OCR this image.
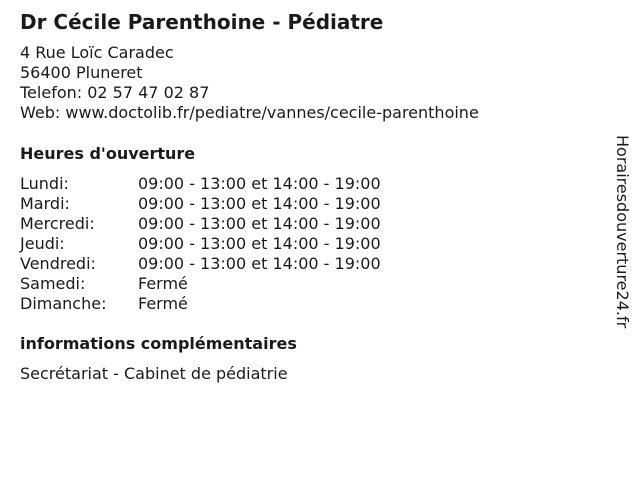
Dr Cécile Parenthoine - Pédiatre
4 Rue Loïc Caradec
56400 Pluneret
Telefon: 02 57 47 02 87
Web: www.doctolib.fr/pediatre/vannes/cecile-parenthoine
Heures d'ouverture
Lundi:	09:00 - 13:00 et 14:00 - 19:00
Mardi:	09:00 - 13:00 et 14:00 - 19:00
Mercredi:	09:00 - 13:00 et 14:00 - 19:00
Jeudi:	09:00 - 13:00 et 14:00 - 19:00
Vendredi:	09:00 - 13:00 et 14:00 - 19:00
Samedi:	Fermé
Dimanche: Fermé
informations complémentaires
Secrétariat - Cabinet de pédiatrie
Horairesdouverture24.fr
